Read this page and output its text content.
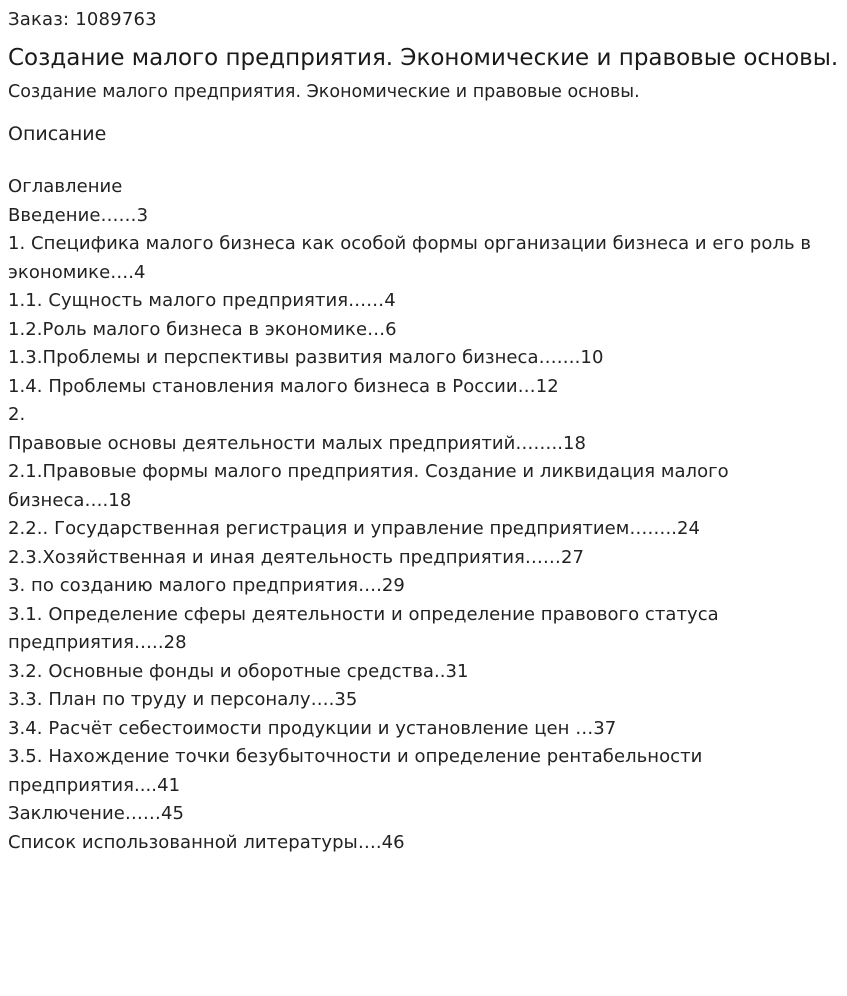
Заказ: 1089763
Создание малого предприятия. Экономические и правовые основы.
Создание малого предприятия. Экономические и правовые основы.
Описание

Оглавление

Введение……3

1. Специфика малого бизнеса как особой формы организации бизнеса и его роль в экономике….4

1.1. Сущность малого предприятия……4

1.2.Роль малого бизнеса в экономике…6

1.3.Проблемы и перспективы развития малого бизнеса…….10

1.4. Проблемы становления малого бизнеса в России…12

2.

Правовые основы деятельности малых предприятий……..18

2.1.Правовые формы малого предприятия. Создание и ликвидация малого бизнеса….18

2.2.. Государственная регистрация и управление предприятием……..24

2.3.Хозяйственная и иная деятельность предприятия……27

3. по созданию малого предприятия….29

3.1. Определение сферы деятельности и определение правового статуса предприятия…..28

3.2. Основные фонды и оборотные средства..31

3.3. План по труду и персоналу….35

3.4. Расчёт себестоимости продукции и установление цен …37

3.5. Нахождение точки безубыточности и определение рентабельности предприятия....41

Заключение……45

Список использованной литературы….46
